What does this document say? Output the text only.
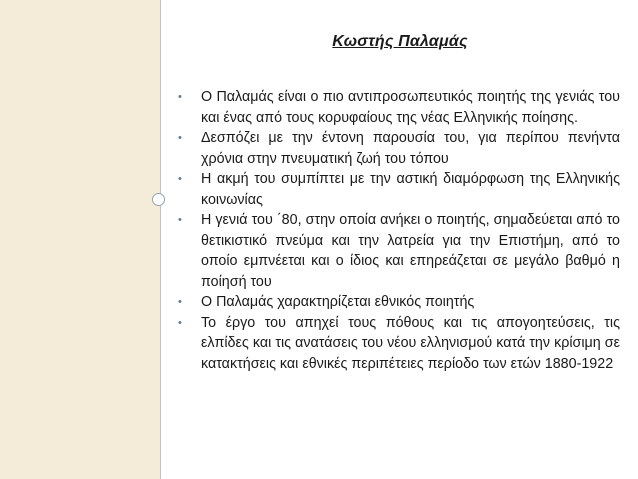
Κωστής Παλαμάς
•	Ο Παλαμάς είναι ο πιο αντιπροσωπευτικός ποιητής της γενιάς του και ένας από τους κορυφαίους της νέας Ελληνικής ποίησης.
•	Δεσπόζει με την έντονη παρουσία του, για περίπου πενήντα χρόνια στην πνευματική ζωή του τόπου
•	Η ακμή του συμπίπτει με την αστική διαμόρφωση της Ελληνικής κοινωνίας
•	Η γενιά του ΄80, στην οποία ανήκει ο ποιητής, σημαδεύεται από το θετικιστικό πνεύμα και την λατρεία για την Επιστήμη, από το οποίο εμπνέεται και ο ίδιος και επηρεάζεται σε μεγάλο βαθμό η ποίησή του
•	Ο Παλαμάς χαρακτηρίζεται εθνικός ποιητής
•	Το έργο του απηχεί τους πόθους και τις απογοητεύσεις, τις ελπίδες και τις ανατάσεις του νέου ελληνισμού κατά την κρίσιμη σε κατακτήσεις και εθνικές περιπέτειες περίοδο των ετών 1880-1922
